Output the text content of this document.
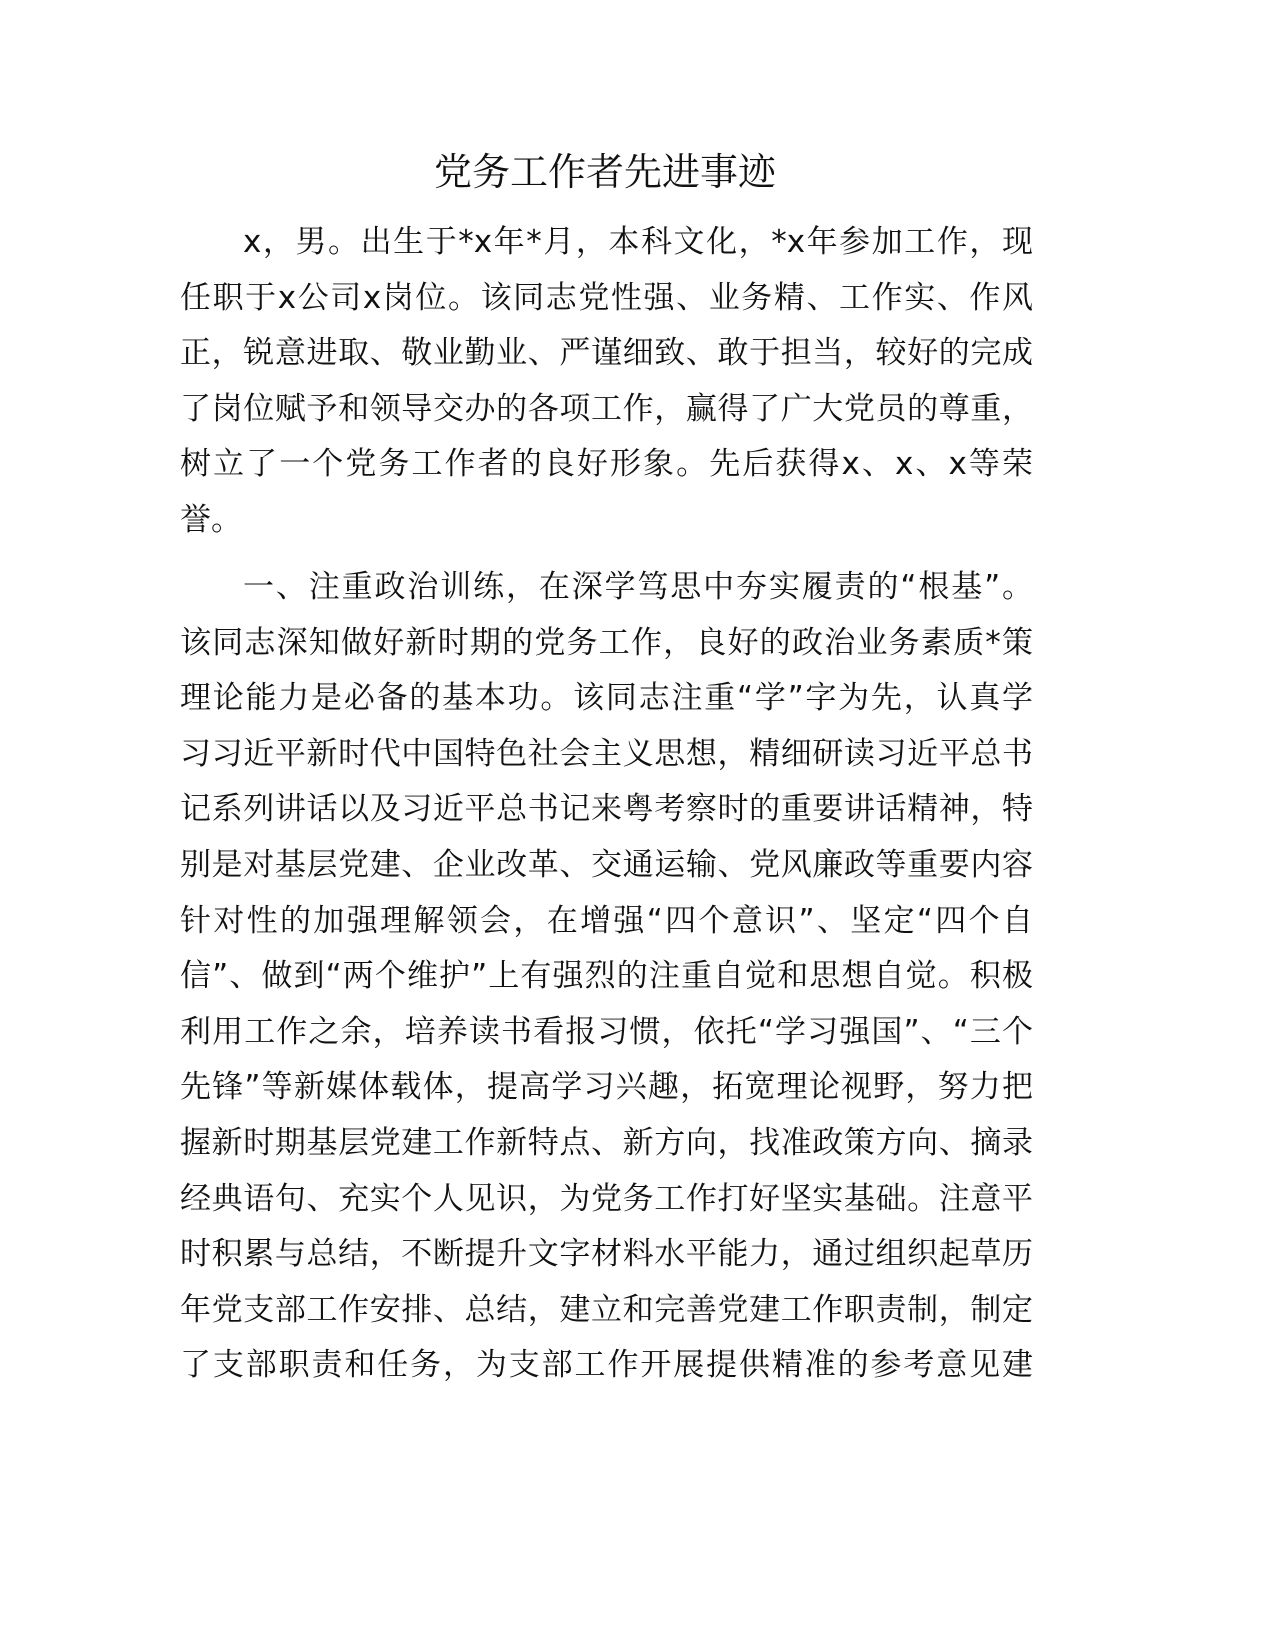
党务工作者先进事迹
x，男。出生于*x年*月，本科文化，*x年参加工作，现
任职于x公司x岗位。该同志党性强、业务精、工作实、作风
正，锐意进取、敬业勤业、严谨细致、敢于担当，较好的完成
了岗位赋予和领导交办的各项工作，赢得了广大党员的尊重，
树立了一个党务工作者的良好形象。先后获得x、x、x等荣
誉。
一、注重政治训练，在深学笃思中夯实履责的“根基”。
该同志深知做好新时期的党务工作，良好的政治业务素质*策
理论能力是必备的基本功。该同志注重“学”字为先，认真学
习习近平新时代中国特色社会主义思想，精细研读习近平总书
记系列讲话以及习近平总书记来粤考察时的重要讲话精神，特
别是对基层党建、企业改革、交通运输、党风廉政等重要内容
针对性的加强理解领会，在增强“四个意识”、坚定“四个自
信”、做到“两个维护”上有强烈的注重自觉和思想自觉。积极
利用工作之余，培养读书看报习惯，依托“学习强国”、“三个
先锋”等新媒体载体，提高学习兴趣，拓宽理论视野，努力把
握新时期基层党建工作新特点、新方向，找准政策方向、摘录
经典语句、充实个人见识，为党务工作打好坚实基础。注意平
时积累与总结，不断提升文字材料水平能力，通过组织起草历
年党支部工作安排、总结，建立和完善党建工作职责制，制定
了支部职责和任务，为支部工作开展提供精准的参考意见建
